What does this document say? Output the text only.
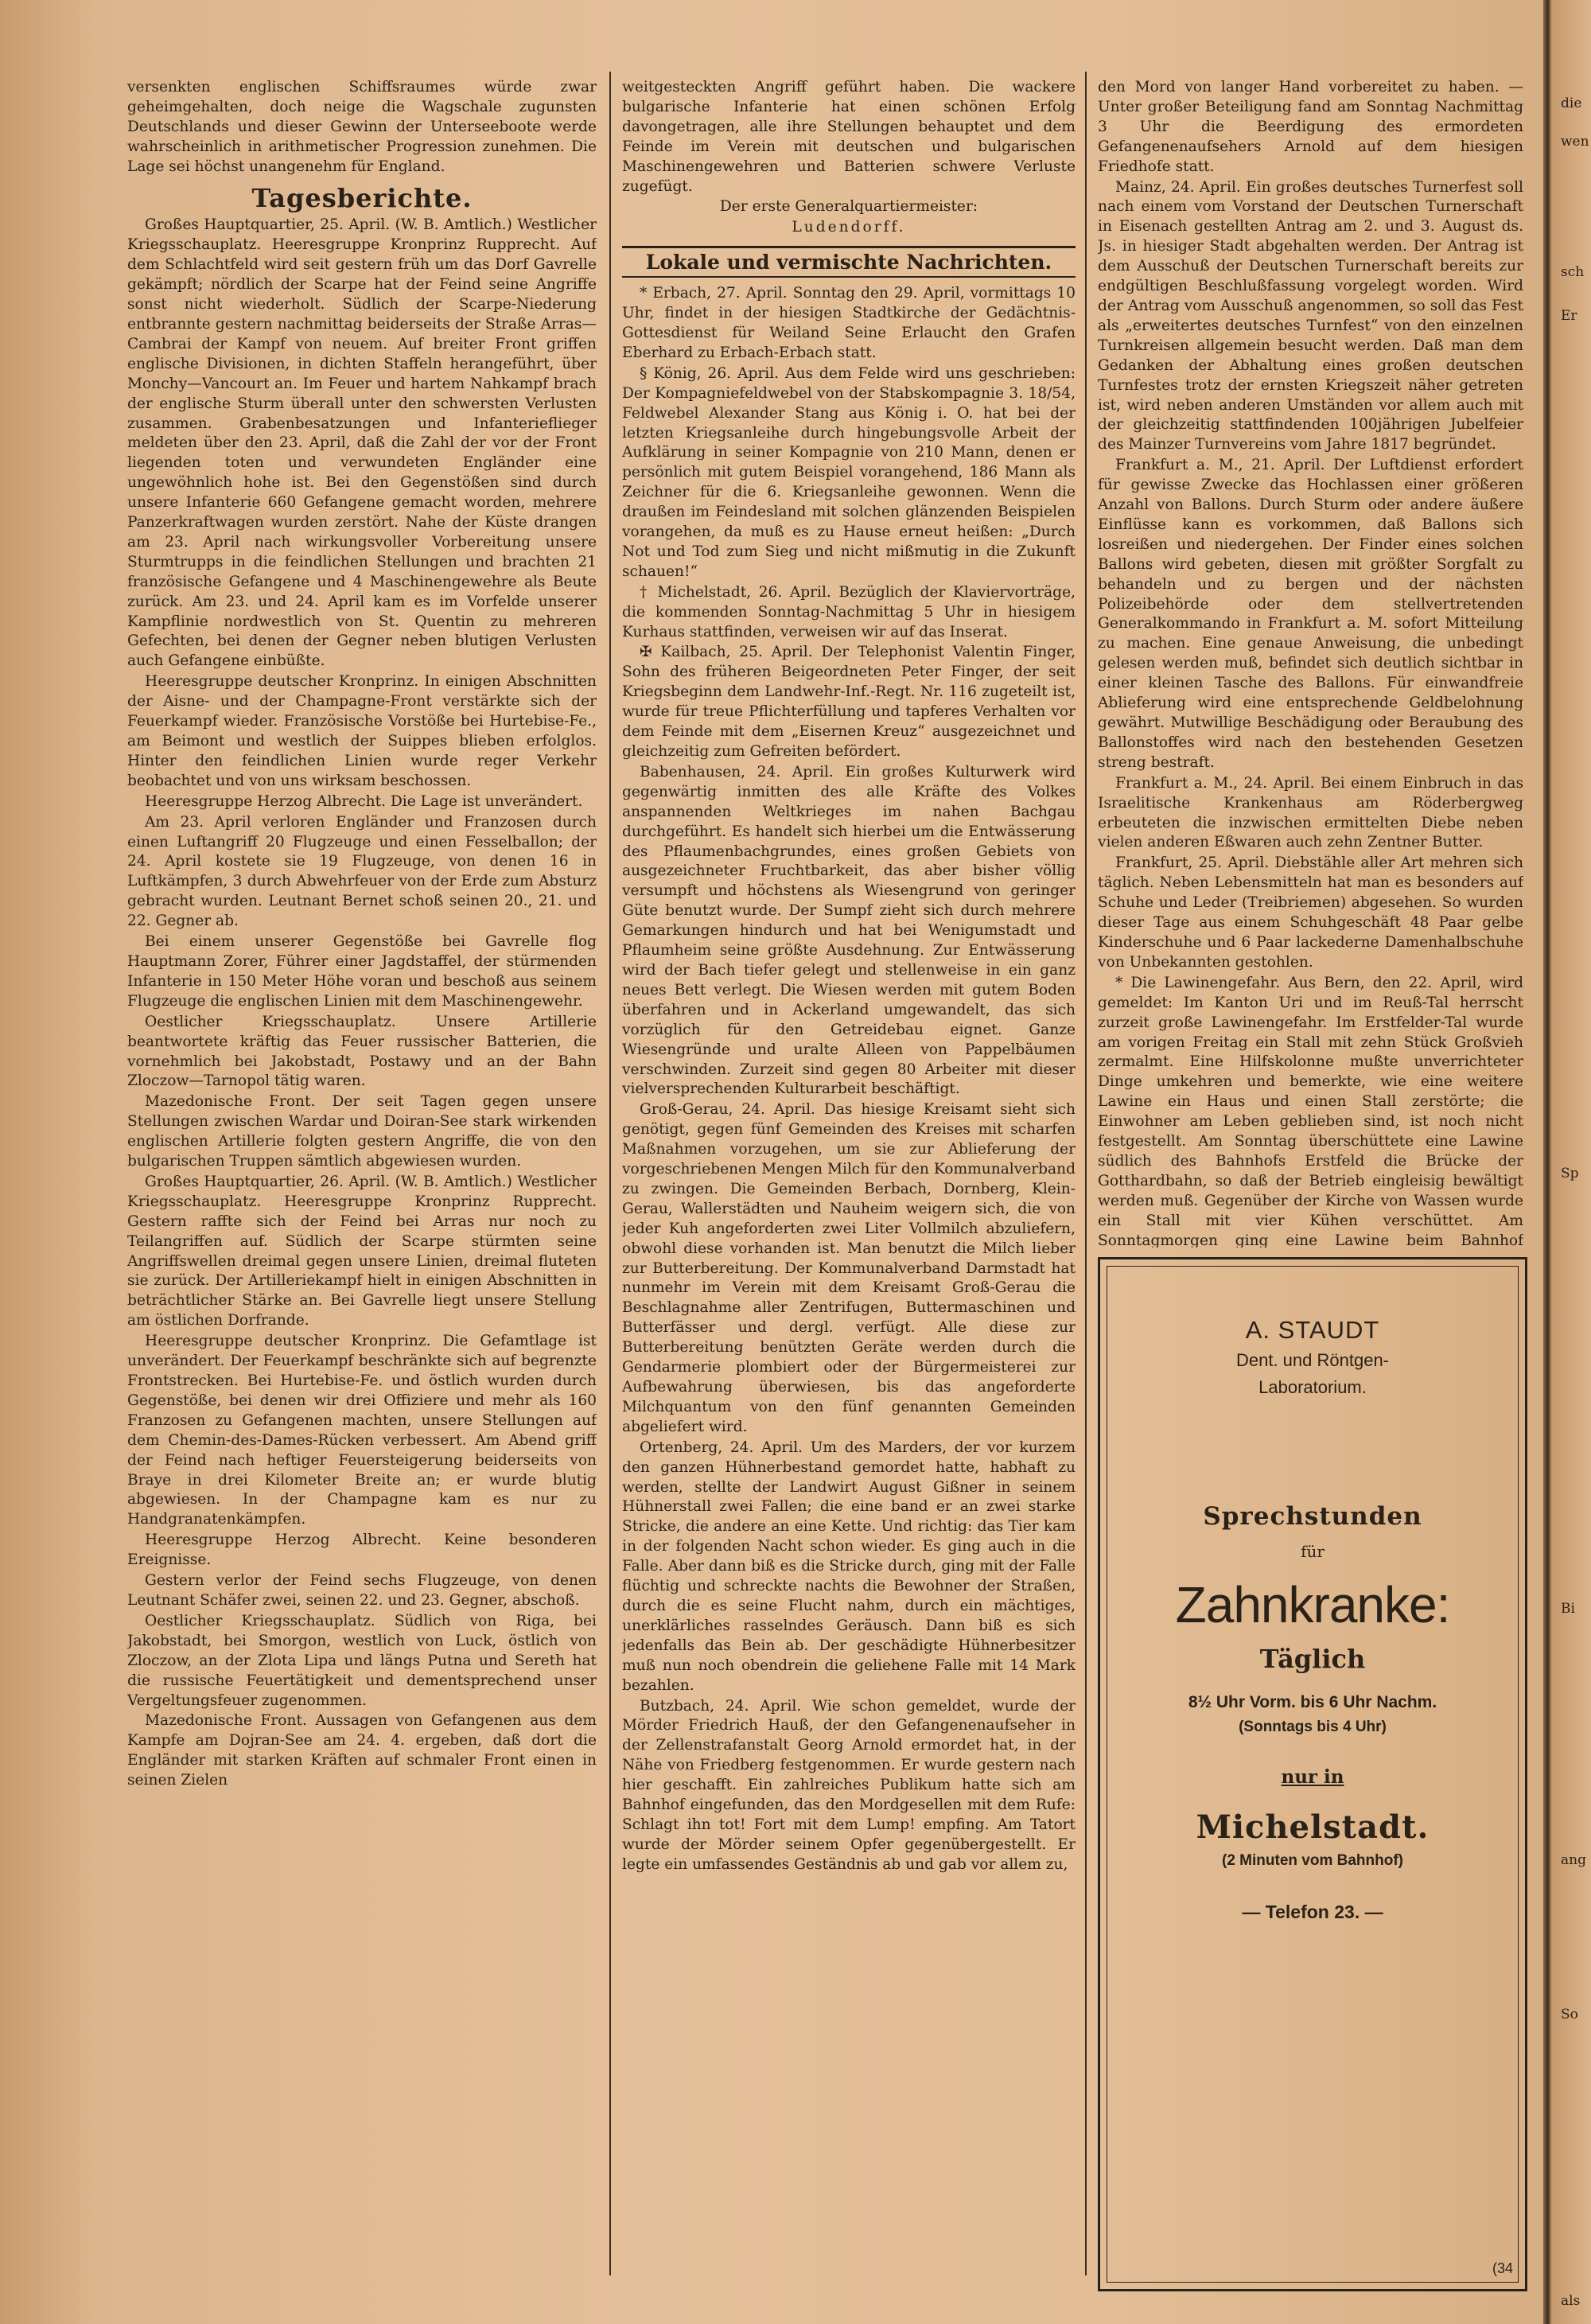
versenkten englischen Schiffsraumes würde zwar geheimgehalten, doch neige die Wagschale zugunsten Deutschlands und dieser Gewinn der Unterseeboote werde wahrscheinlich in arithmetischer Progression zunehmen. Die Lage sei höchst unangenehm für England.

Tagesberichte.

Großes Hauptquartier, 25. April. (W. B. Amtlich.) Westlicher Kriegsschauplatz. Heeresgruppe Kronprinz Rupprecht. Auf dem Schlachtfeld wird seit gestern früh um das Dorf Gavrelle gekämpft; nördlich der Scarpe hat der Feind seine Angriffe sonst nicht wiederholt. Südlich der Scarpe-Niederung entbrannte gestern nachmittag beiderseits der Straße Arras—Cambrai der Kampf von neuem. Auf breiter Front griffen englische Divisionen, in dichten Staffeln herangeführt, über Monchy—Vancourt an. Im Feuer und hartem Nahkampf brach der englische Sturm überall unter den schwersten Verlusten zusammen. Grabenbesatzungen und Infanterieflieger meldeten über den 23. April, daß die Zahl der vor der Front liegenden toten und verwundeten Engländer eine ungewöhnlich hohe ist. Bei den Gegenstößen sind durch unsere Infanterie 660 Gefangene gemacht worden, mehrere Panzerkraftwagen wurden zerstört. Nahe der Küste drangen am 23. April nach wirkungsvoller Vorbereitung unsere Sturmtrupps in die feindlichen Stellungen und brachten 21 französische Gefangene und 4 Maschinengewehre als Beute zurück. Am 23. und 24. April kam es im Vorfelde unserer Kampflinie nordwestlich von St. Quentin zu mehreren Gefechten, bei denen der Gegner neben blutigen Verlusten auch Gefangene einbüßte.

Heeresgruppe deutscher Kronprinz. In einigen Abschnitten der Aisne- und der Champagne-Front verstärkte sich der Feuerkampf wieder. Französische Vorstöße bei Hurtebise-Fe., am Beimont und westlich der Suippes blieben erfolglos. Hinter den feindlichen Linien wurde reger Verkehr beobachtet und von uns wirksam beschossen.

Heeresgruppe Herzog Albrecht. Die Lage ist unverändert.

Am 23. April verloren Engländer und Franzosen durch einen Luftangriff 20 Flugzeuge und einen Fesselballon; der 24. April kostete sie 19 Flugzeuge, von denen 16 in Luftkämpfen, 3 durch Abwehrfeuer von der Erde zum Absturz gebracht wurden. Leutnant Bernet schoß seinen 20., 21. und 22. Gegner ab.

Bei einem unserer Gegenstöße bei Gavrelle flog Hauptmann Zorer, Führer einer Jagdstaffel, der stürmenden Infanterie in 150 Meter Höhe voran und beschoß aus seinem Flugzeuge die englischen Linien mit dem Maschinengewehr.

Oestlicher Kriegsschauplatz. Unsere Artillerie beantwortete kräftig das Feuer russischer Batterien, die vornehmlich bei Jakobstadt, Postawy und an der Bahn Zloczow—Tarnopol tätig waren.

Mazedonische Front. Der seit Tagen gegen unsere Stellungen zwischen Wardar und Doiran-See stark wirkenden englischen Artillerie folgten gestern Angriffe, die von den bulgarischen Truppen sämtlich abgewiesen wurden.

Großes Hauptquartier, 26. April. (W. B. Amtlich.) Westlicher Kriegsschauplatz. Heeresgruppe Kronprinz Rupprecht. Gestern raffte sich der Feind bei Arras nur noch zu Teilangriffen auf. Südlich der Scarpe stürmten seine Angriffswellen dreimal gegen unsere Linien, dreimal fluteten sie zurück. Der Artilleriekampf hielt in einigen Abschnitten in beträchtlicher Stärke an. Bei Gavrelle liegt unsere Stellung am östlichen Dorfrande.

Heeresgruppe deutscher Kronprinz. Die Gefamtlage ist unverändert. Der Feuerkampf beschränkte sich auf begrenzte Frontstrecken. Bei Hurtebise-Fe. und östlich wurden durch Gegenstöße, bei denen wir drei Offiziere und mehr als 160 Franzosen zu Gefangenen machten, unsere Stellungen auf dem Chemin-des-Dames-Rücken verbessert. Am Abend griff der Feind nach heftiger Feuersteigerung beiderseits von Braye in drei Kilometer Breite an; er wurde blutig abgewiesen. In der Champagne kam es nur zu Handgranatenkämpfen.

Heeresgruppe Herzog Albrecht. Keine besonderen Ereignisse.

Gestern verlor der Feind sechs Flugzeuge, von denen Leutnant Schäfer zwei, seinen 22. und 23. Gegner, abschoß.

Oestlicher Kriegsschauplatz. Südlich von Riga, bei Jakobstadt, bei Smorgon, westlich von Luck, östlich von Zloczow, an der Zlota Lipa und längs Putna und Sereth hat die russische Feuertätigkeit und dementsprechend unser Vergeltungsfeuer zugenommen.

Mazedonische Front. Aussagen von Gefangenen aus dem Kampfe am Dojran-See am 24. 4. ergeben, daß dort die Engländer mit starken Kräften auf schmaler Front einen in seinen Zielen

weitgesteckten Angriff geführt haben. Die wackere bulgarische Infanterie hat einen schönen Erfolg davongetragen, alle ihre Stellungen behauptet und dem Feinde im Verein mit deutschen und bulgarischen Maschinengewehren und Batterien schwere Verluste zugefügt.

Der erste Generalquartiermeister:

Ludendorff.

Lokale und vermischte Nachrichten.

* Erbach, 27. April. Sonntag den 29. April, vormittags 10 Uhr, findet in der hiesigen Stadtkirche der Gedächtnis-Gottesdienst für Weiland Seine Erlaucht den Grafen Eberhard zu Erbach-Erbach statt.

§ König, 26. April. Aus dem Felde wird uns geschrieben: Der Kompagniefeldwebel von der Stabskompagnie 3. 18/54, Feldwebel Alexander Stang aus König i. O. hat bei der letzten Kriegsanleihe durch hingebungsvolle Arbeit der Aufklärung in seiner Kompagnie von 210 Mann, denen er persönlich mit gutem Beispiel vorangehend, 186 Mann als Zeichner für die 6. Kriegsanleihe gewonnen. Wenn die draußen im Feindesland mit solchen glänzenden Beispielen vorangehen, da muß es zu Hause erneut heißen: „Durch Not und Tod zum Sieg und nicht mißmutig in die Zukunft schauen!“

† Michelstadt, 26. April. Bezüglich der Klaviervorträge, die kommenden Sonntag-Nachmittag 5 Uhr in hiesigem Kurhaus stattfinden, verweisen wir auf das Inserat.

✠ Kailbach, 25. April. Der Telephonist Valentin Finger, Sohn des früheren Beigeordneten Peter Finger, der seit Kriegsbeginn dem Landwehr-Inf.-Regt. Nr. 116 zugeteilt ist, wurde für treue Pflichterfüllung und tapferes Verhalten vor dem Feinde mit dem „Eisernen Kreuz“ ausgezeichnet und gleichzeitig zum Gefreiten befördert.

Babenhausen, 24. April. Ein großes Kulturwerk wird gegenwärtig inmitten des alle Kräfte des Volkes anspannenden Weltkrieges im nahen Bachgau durchgeführt. Es handelt sich hierbei um die Entwässerung des Pflaumenbachgrundes, eines großen Gebiets von ausgezeichneter Fruchtbarkeit, das aber bisher völlig versumpft und höchstens als Wiesengrund von geringer Güte benutzt wurde. Der Sumpf zieht sich durch mehrere Gemarkungen hindurch und hat bei Wenigumstadt und Pflaumheim seine größte Ausdehnung. Zur Entwässerung wird der Bach tiefer gelegt und stellenweise in ein ganz neues Bett verlegt. Die Wiesen werden mit gutem Boden überfahren und in Ackerland umgewandelt, das sich vorzüglich für den Getreidebau eignet. Ganze Wiesengründe und uralte Alleen von Pappelbäumen verschwinden. Zurzeit sind gegen 80 Arbeiter mit dieser vielversprechenden Kulturarbeit beschäftigt.

Groß-Gerau, 24. April. Das hiesige Kreisamt sieht sich genötigt, gegen fünf Gemeinden des Kreises mit scharfen Maßnahmen vorzugehen, um sie zur Ablieferung der vorgeschriebenen Mengen Milch für den Kommunalverband zu zwingen. Die Gemeinden Berbach, Dornberg, Klein-Gerau, Wallerstädten und Nauheim weigern sich, die von jeder Kuh angeforderten zwei Liter Vollmilch abzuliefern, obwohl diese vorhanden ist. Man benutzt die Milch lieber zur Butterbereitung. Der Kommunalverband Darmstadt hat nunmehr im Verein mit dem Kreisamt Groß-Gerau die Beschlagnahme aller Zentrifugen, Buttermaschinen und Butterfässer und dergl. verfügt. Alle diese zur Butterbereitung benützten Geräte werden durch die Gendarmerie plombiert oder der Bürgermeisterei zur Aufbewahrung überwiesen, bis das angeforderte Milchquantum von den fünf genannten Gemeinden abgeliefert wird.

Ortenberg, 24. April. Um des Marders, der vor kurzem den ganzen Hühnerbestand gemordet hatte, habhaft zu werden, stellte der Landwirt August Gißner in seinem Hühnerstall zwei Fallen; die eine band er an zwei starke Stricke, die andere an eine Kette. Und richtig: das Tier kam in der folgenden Nacht schon wieder. Es ging auch in die Falle. Aber dann biß es die Stricke durch, ging mit der Falle flüchtig und schreckte nachts die Bewohner der Straßen, durch die es seine Flucht nahm, durch ein mächtiges, unerklärliches rasselndes Geräusch. Dann biß es sich jedenfalls das Bein ab. Der geschädigte Hühnerbesitzer muß nun noch obendrein die geliehene Falle mit 14 Mark bezahlen.

Butzbach, 24. April. Wie schon gemeldet, wurde der Mörder Friedrich Hauß, der den Gefangenenaufseher in der Zellenstrafanstalt Georg Arnold ermordet hat, in der Nähe von Friedberg festgenommen. Er wurde gestern nach hier geschafft. Ein zahlreiches Publikum hatte sich am Bahnhof eingefunden, das den Mordgesellen mit dem Rufe: Schlagt ihn tot! Fort mit dem Lump! empfing. Am Tatort wurde der Mörder seinem Opfer gegenübergestellt. Er legte ein umfassendes Geständnis ab und gab vor allem zu,

den Mord von langer Hand vorbereitet zu haben. — Unter großer Beteiligung fand am Sonntag Nachmittag 3 Uhr die Beerdigung des ermordeten Gefangenenaufsehers Arnold auf dem hiesigen Friedhofe statt.

Mainz, 24. April. Ein großes deutsches Turnerfest soll nach einem vom Vorstand der Deutschen Turnerschaft in Eisenach gestellten Antrag am 2. und 3. August ds. Js. in hiesiger Stadt abgehalten werden. Der Antrag ist dem Ausschuß der Deutschen Turnerschaft bereits zur endgültigen Beschlußfassung vorgelegt worden. Wird der Antrag vom Ausschuß angenommen, so soll das Fest als „erweitertes deutsches Turnfest“ von den einzelnen Turnkreisen allgemein besucht werden. Daß man dem Gedanken der Abhaltung eines großen deutschen Turnfestes trotz der ernsten Kriegszeit näher getreten ist, wird neben anderen Umständen vor allem auch mit der gleichzeitig stattfindenden 100jährigen Jubelfeier des Mainzer Turnvereins vom Jahre 1817 begründet.

Frankfurt a. M., 21. April. Der Luftdienst erfordert für gewisse Zwecke das Hochlassen einer größeren Anzahl von Ballons. Durch Sturm oder andere äußere Einflüsse kann es vorkommen, daß Ballons sich losreißen und niedergehen. Der Finder eines solchen Ballons wird gebeten, diesen mit größter Sorgfalt zu behandeln und zu bergen und der nächsten Polizeibehörde oder dem stellvertretenden Generalkommando in Frankfurt a. M. sofort Mitteilung zu machen. Eine genaue Anweisung, die unbedingt gelesen werden muß, befindet sich deutlich sichtbar in einer kleinen Tasche des Ballons. Für einwandfreie Ablieferung wird eine entsprechende Geldbelohnung gewährt. Mutwillige Beschädigung oder Beraubung des Ballonstoffes wird nach den bestehenden Gesetzen streng bestraft.

Frankfurt a. M., 24. April. Bei einem Einbruch in das Israelitische Krankenhaus am Röderbergweg erbeuteten die inzwischen ermittelten Diebe neben vielen anderen Eßwaren auch zehn Zentner Butter.

Frankfurt, 25. April. Diebstähle aller Art mehren sich täglich. Neben Lebensmitteln hat man es besonders auf Schuhe und Leder (Treibriemen) abgesehen. So wurden dieser Tage aus einem Schuhgeschäft 48 Paar gelbe Kinderschuhe und 6 Paar lackederne Damenhalbschuhe von Unbekannten gestohlen.

* Die Lawinengefahr. Aus Bern, den 22. April, wird gemeldet: Im Kanton Uri und im Reuß-Tal herrscht zurzeit große Lawinengefahr. Im Erstfelder-Tal wurde am vorigen Freitag ein Stall mit zehn Stück Großvieh zermalmt. Eine Hilfskolonne mußte unverrichteter Dinge umkehren und bemerkte, wie eine weitere Lawine ein Haus und einen Stall zerstörte; die Einwohner am Leben geblieben sind, ist noch nicht festgestellt. Am Sonntag überschüttete eine Lawine südlich des Bahnhofs Erstfeld die Brücke der Gotthardbahn, so daß der Betrieb eingleisig bewältigt werden muß. Gegenüber der Kirche von Wassen wurde ein Stall mit vier Kühen verschüttet. Am Sonntagmorgen ging eine Lawine beim Bahnhof

A. STAUDT
Dent. und Röntgen-
Laboratorium.
Sprechstunden
für
Zahnkranke:
Täglich
8½ Uhr Vorm. bis 6 Uhr Nachm.
(Sonntags bis 4 Uhr)
nur in
Michelstadt.
(2 Minuten vom Bahnhof)
— Telefon 23. —
(34
die
wen
sch
Er
Sp
Bi
So
als
ang
